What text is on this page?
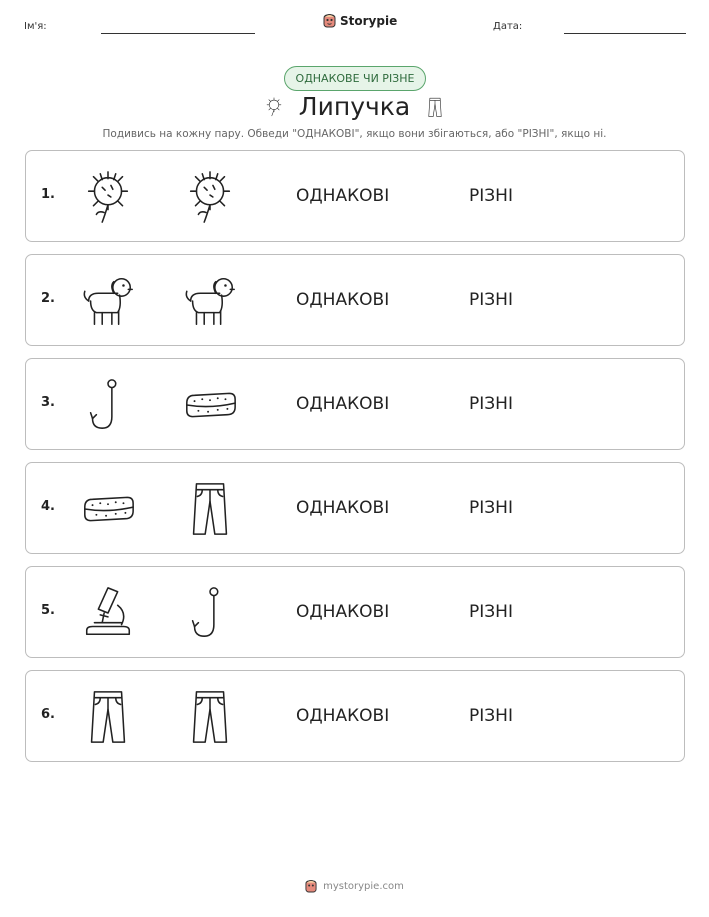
Ім'я:	Storypie	Дата:
ОДНАКОВЕ ЧИ РІЗНЕ
Липучка
Подивись на кожну пару. Обведи "ОДНАКОВІ", якщо вони збігаються, або "РІЗНІ", якщо ні.
1.	ОДНАКОВІ	РІЗНІ
2.	ОДНАКОВІ	РІЗНІ
3.	ОДНАКОВІ	РІЗНІ
4.	ОДНАКОВІ	РІЗНІ
5.	ОДНАКОВІ	РІЗНІ
6.	ОДНАКОВІ	РІЗНІ
mystorypie.com
